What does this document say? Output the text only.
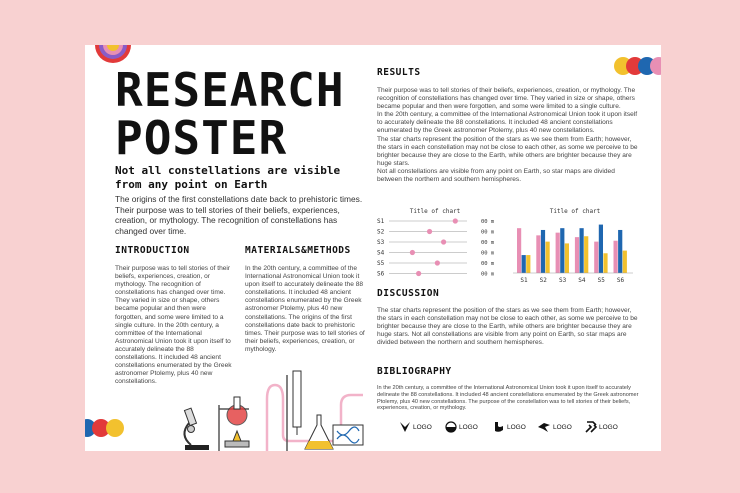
RESEARCH
POSTER
Not all constellations are visible from any point on Earth
The origins of the first constellations date back to prehistoric times. Their purpose was to tell stories of their beliefs, experiences, creation, or mythology. The recognition of constellations has changed over time.
INTRODUCTION
Their purpose was to tell stories of their beliefs, experiences, creation, or mythology. The recognition of constellations has changed over time. They varied in size or shape, others became popular and then were forgotten, and some were limited to a single culture. In the 20th century, a committee of the International Astronomical Union took it upon itself to accurately delineate the 88 constellations. It included 48 ancient constellations enumerated by the Greek astronomer Ptolemy, plus 40 new constellations.
MATERIALS&METHODS
In the 20th century, a committee of the International Astronomical Union took it upon itself to accurately delineate the 88 constellations. It included 48 ancient constellations enumerated by the Greek astronomer Ptolemy, plus 40 new constellations. The origins of the first constellations date back to prehistoric times. Their purpose was to tell stories of their beliefs, experiences, creation, or mythology.
RESULTS
Their purpose was to tell stories of their beliefs, experiences, creation, or mythology. The recognition of constellations has changed over time. They varied in size or shape, others became popular and then were forgotten, and some were limited to a single culture.
In the 20th century, a committee of the International Astronomical Union took it upon itself to accurately delineate the 88 constellations. It included 48 ancient constellations enumerated by the Greek astronomer Ptolemy, plus 40 new constellations.
The star charts represent the position of the stars as we see them from Earth; however, the stars in each constellation may not be close to each other, as some we perceive to be brighter because they are close to the Earth, while others are brighter because they are huge stars.
Not all constellations are visible from any point on Earth, so star maps are divided between the northern and southern hemispheres.
Title of chart
S1	00 m
S2	00 m
S3	00 m
S4	00 m
S5	00 m
S6	00 m
Title of chart
S1 S2 S3 S4 S5 S6
DISCUSSION
The star charts represent the position of the stars as we see them from Earth; however, the stars in each constellation may not be close to each other, as some we perceive to be brighter because they are close to the Earth, while others are brighter because they are huge stars. Not all constellations are visible from any point on Earth, so star maps are divided between the northern and southern hemispheres.
BIBLIOGRAPHY
In the 20th century, a committee of the International Astronomical Union took it upon itself to accurately delineate the 88 constellations. It included 48 ancient constellations enumerated by the Greek astronomer Ptolemy, plus 40 new constellations. The purpose of the constellation was to tell stories of their beliefs, experiences, creation, or mythology.
LOGO	LOGO	LOGO	LOGO	LOGO
